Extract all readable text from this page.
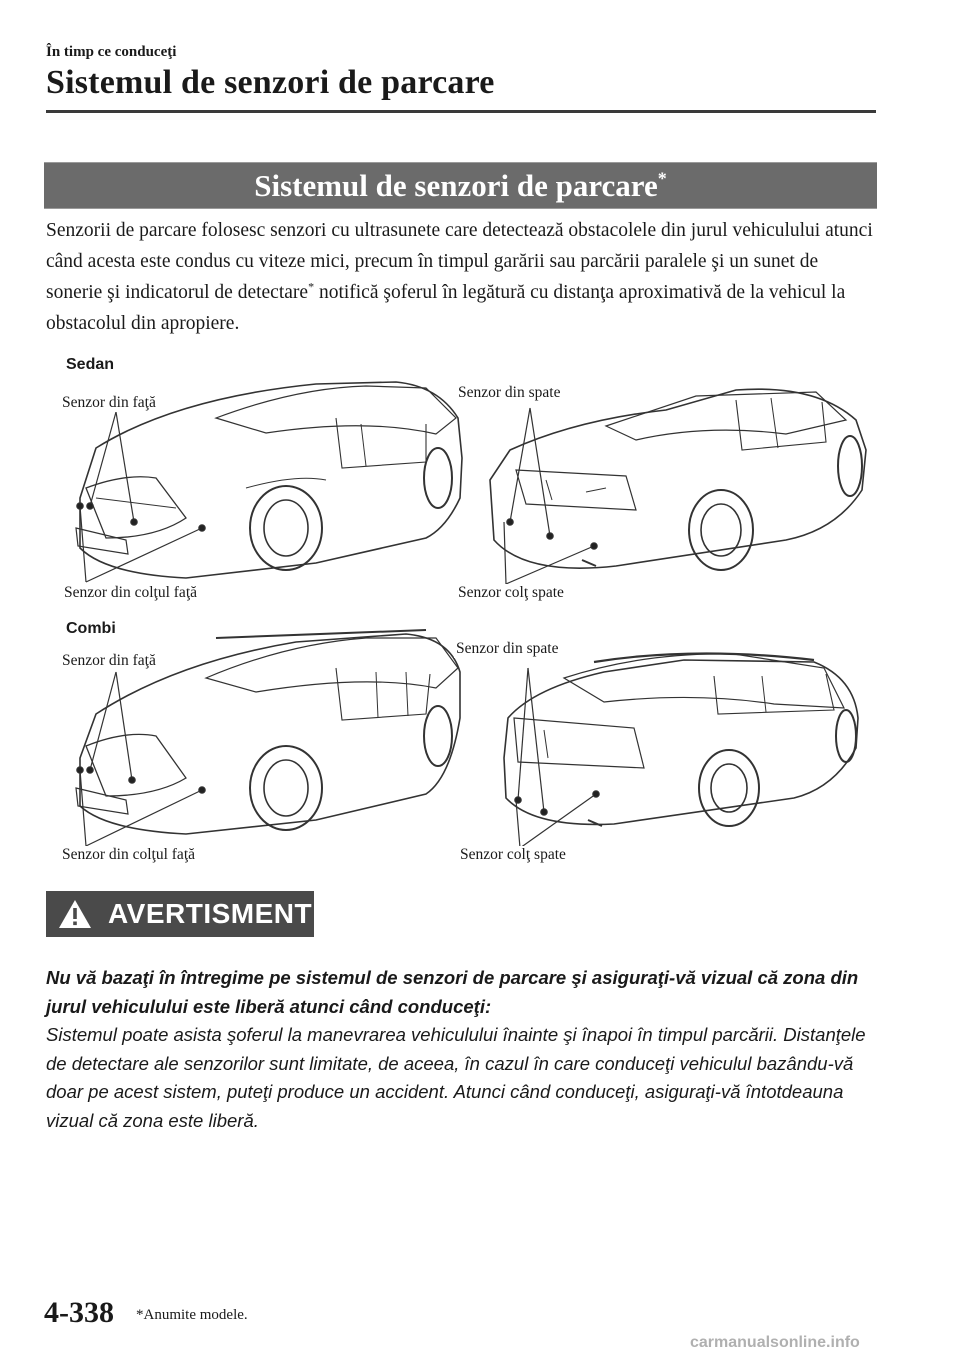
În timp ce conduceţi
Sistemul de senzori de parcare
Sistemul de senzori de parcare*
Senzorii de parcare folosesc senzori cu ultrasunete care detectează obstacolele din jurul vehiculului atunci când acesta este condus cu viteze mici, precum în timpul garării sau parcării paralele şi un sunet de sonerie şi indicatorul de detectare* notifică şoferul în legătură cu distanţa aproximativă de la vehicul la obstacolul din apropiere.
Sedan
Senzor din faţă
Senzor din colţul faţă
Senzor din spate
Senzor colţ spate
Combi
Senzor din faţă
Senzor din colţul faţă
Senzor din spate
Senzor colţ spate
AVERTISMENT
Nu vă bazaţi în întregime pe sistemul de senzori de parcare şi asiguraţi-vă vizual că zona din jurul vehiculului este liberă atunci când conduceţi:
Sistemul poate asista şoferul la manevrarea vehiculului înainte şi înapoi în timpul parcării. Distanţele de detectare ale senzorilor sunt limitate, de aceea, în cazul în care conduceţi vehiculul bazându-vă doar pe acest sistem, puteţi produce un accident. Atunci când conduceţi, asiguraţi-vă întotdeauna vizual că zona este liberă.
4-338 *Anumite modele.
carmanualsonline.info
